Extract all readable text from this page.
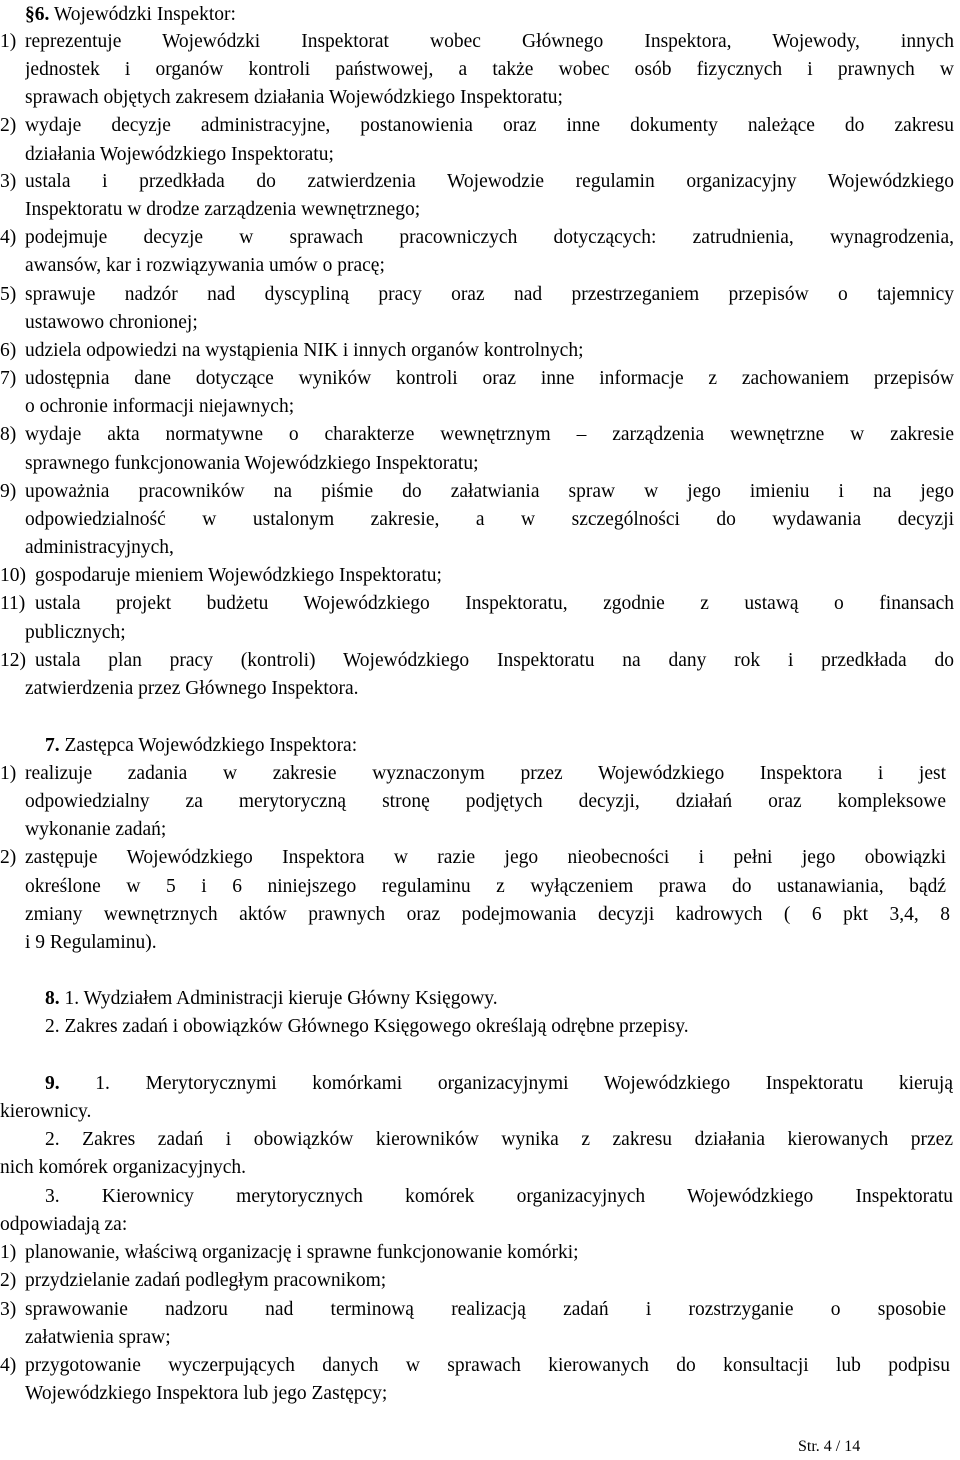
§6. Wojewódzki Inspektor:
1) reprezentuje Wojewódzki Inspektorat wobec Głównego Inspektora, Wojewody, innych
jednostek i organów kontroli państwowej, a także wobec osób fizycznych i prawnych w
sprawach objętych zakresem działania Wojewódzkiego Inspektoratu;
2) wydaje decyzje administracyjne, postanowienia oraz inne dokumenty należące do zakresu
działania Wojewódzkiego Inspektoratu;
3) ustala i przedkłada do zatwierdzenia Wojewodzie regulamin organizacyjny Wojewódzkiego
Inspektoratu w drodze zarządzenia wewnętrznego;
4) podejmuje decyzje w sprawach pracowniczych dotyczących: zatrudnienia, wynagrodzenia,
awansów, kar i rozwiązywania umów o pracę;
5) sprawuje nadzór nad dyscypliną pracy oraz nad przestrzeganiem przepisów o tajemnicy
ustawowo chronionej;
6) udziela odpowiedzi na wystąpienia NIK i innych organów kontrolnych;
7) udostępnia dane dotyczące wyników kontroli oraz inne informacje z zachowaniem przepisów
o ochronie informacji niejawnych;
8) wydaje akta normatywne o charakterze wewnętrznym – zarządzenia wewnętrzne w zakresie
sprawnego funkcjonowania Wojewódzkiego Inspektoratu;
9) upoważnia pracowników na piśmie do załatwiania spraw w jego imieniu i na jego
odpowiedzialność w ustalonym zakresie, a w szczególności do wydawania decyzji
administracyjnych,
10) gospodaruje mieniem Wojewódzkiego Inspektoratu;
11) ustala projekt budżetu Wojewódzkiego Inspektoratu, zgodnie z ustawą o finansach
publicznych;
12) ustala plan pracy (kontroli) Wojewódzkiego Inspektoratu na dany rok i przedkłada do
zatwierdzenia przez Głównego Inspektora.
7. Zastępca Wojewódzkiego Inspektora:
1) realizuje zadania w zakresie wyznaczonym przez Wojewódzkiego Inspektora i jest
odpowiedzialny za merytoryczną stronę podjętych decyzji, działań oraz kompleksowe
wykonanie zadań;
2) zastępuje Wojewódzkiego Inspektora w razie jego nieobecności i pełni jego obowiązki
określone w 5 i 6 niniejszego regulaminu z wyłączeniem prawa do ustanawiania, bądź
zmiany wewnętrznych aktów prawnych oraz podejmowania decyzji kadrowych ( 6 pkt 3,4, 8
i 9 Regulaminu).
8. 1. Wydziałem Administracji kieruje Główny Księgowy.
2. Zakres zadań i obowiązków Głównego Księgowego określają odrębne przepisy.
9. 1. Merytorycznymi komórkami organizacyjnymi Wojewódzkiego Inspektoratu kierują
kierownicy.
2. Zakres zadań i obowiązków kierowników wynika z zakresu działania kierowanych przez
nich komórek organizacyjnych.
3. Kierownicy merytorycznych komórek organizacyjnych Wojewódzkiego Inspektoratu
odpowiadają za:
1) planowanie, właściwą organizację i sprawne funkcjonowanie komórki;
2) przydzielanie zadań podległym pracownikom;
3) sprawowanie nadzoru nad terminową realizacją zadań i rozstrzyganie o sposobie
załatwienia spraw;
4) przygotowanie wyczerpujących danych w sprawach kierowanych do konsultacji lub podpisu
Wojewódzkiego Inspektora lub jego Zastępcy;
Str. 4 / 14
